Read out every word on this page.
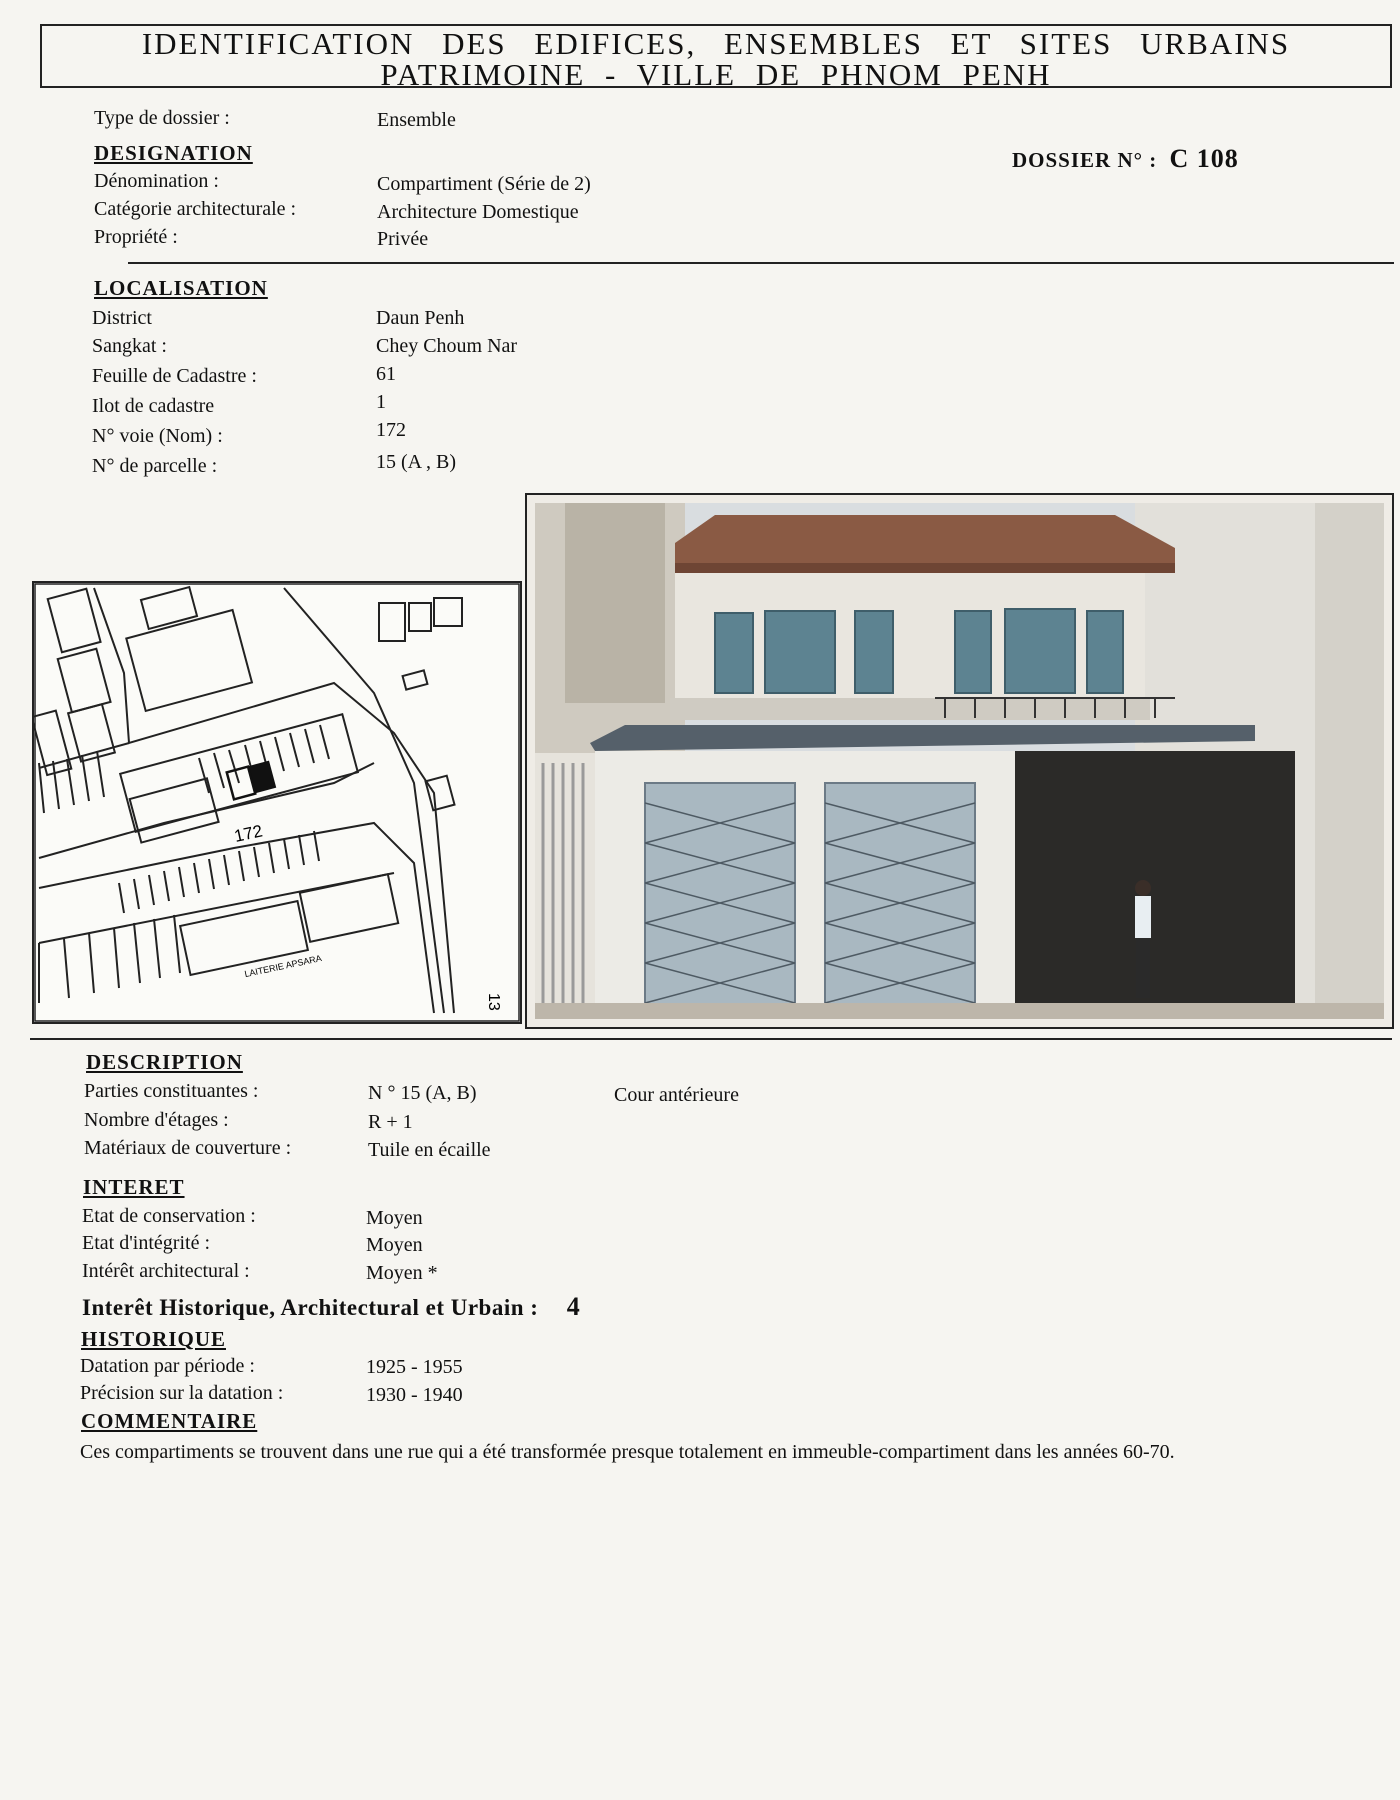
IDENTIFICATION DES EDIFICES, ENSEMBLES ET SITES URBAINS
PATRIMOINE - VILLE DE PHNOM PENH
Type de dossier :	Ensemble
DESIGNATION	DOSSIER N° : C 108
Dénomination :	Compartiment (Série de 2)
Catégorie architecturale :	Architecture Domestique
Propriété :	Privée
LOCALISATION
District	Daun Penh
Sangkat :	Chey Choum Nar
Feuille de Cadastre :	61
Ilot de cadastre	1
N° voie (Nom) :	172
N° de parcelle :	15 (A , B)
172
13
LAITERIE APSARA
DESCRIPTION
Parties constituantes :	N ° 15 (A, B)	Cour antérieure
Nombre d'étages :	R + 1
Matériaux de couverture :	Tuile en écaille
INTERET
Etat de conservation :	Moyen
Etat d'intégrité :	Moyen
Intérêt architectural :	Moyen *
Interêt Historique, Architectural et Urbain : 4
HISTORIQUE
Datation par période :	1925 - 1955
Précision sur la datation :	1930 - 1940
COMMENTAIRE
Ces compartiments se trouvent dans une rue qui a été transformée presque totalement en immeuble-compartiment dans les années 60-70.
